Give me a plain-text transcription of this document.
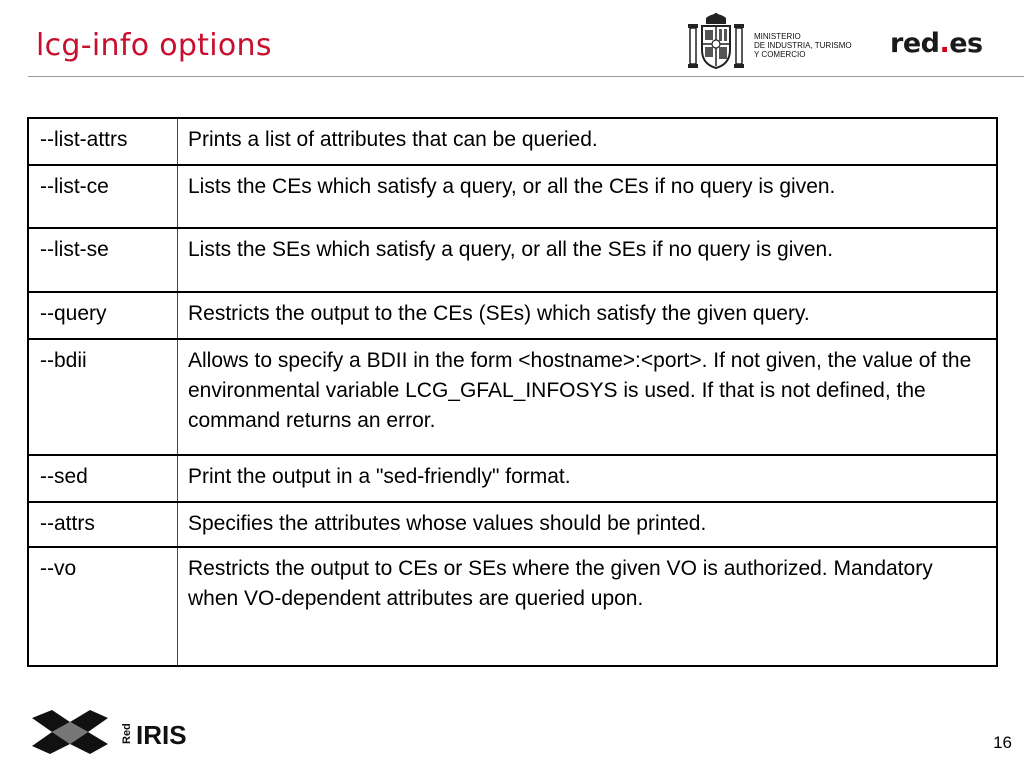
lcg-info options	MINISTERIO
DE INDUSTRIA, TURISMO
Y COMERCIO	red.es
--list-attrs	Prints a list of attributes that can be queried.
--list-ce	Lists the CEs which satisfy a query, or all the CEs if no query is given.
--list-se	Lists the SEs which satisfy a query, or all the SEs if no query is given.
--query	Restricts the output to the CEs (SEs) which satisfy the given query.
--bdii	Allows to specify a BDII in the form <hostname>:<port>. If not given, the value of the environmental variable LCG_GFAL_INFOSYS is used. If that is not defined, the command returns an error.
--sed	Print the output in a "sed-friendly" format.
--attrs	Specifies the attributes whose values should be printed.
--vo	Restricts the output to CEs or SEs where the given VO is authorized. Mandatory when VO-dependent attributes are queried upon.
Red IRIS	16
